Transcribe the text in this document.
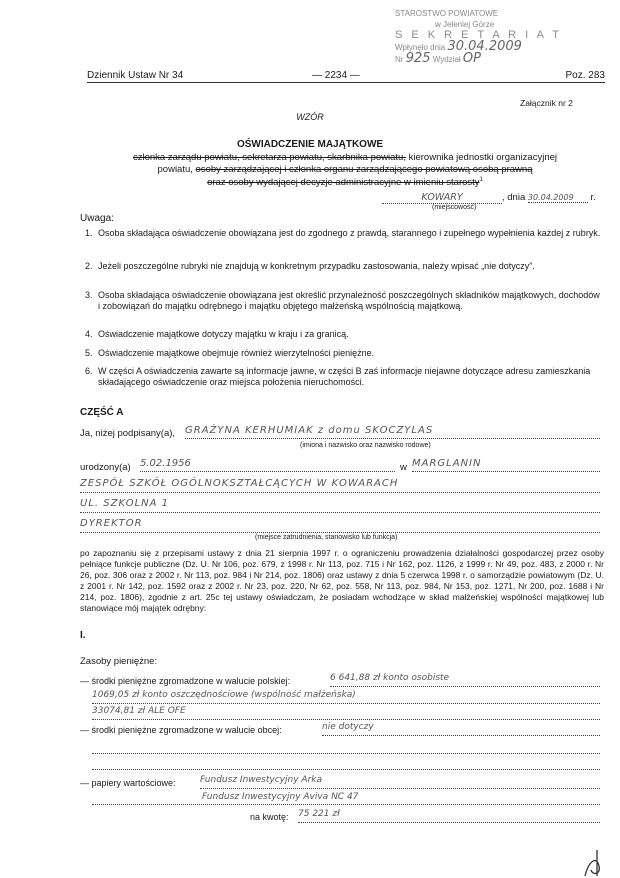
STAROSTWO POWIATOWE
w Jeleniej Górze
S E K R E T A R I A T
Wpłynęło dnia 30.04.2009
Nr 925 Wydział OP
Dziennik Ustaw Nr 34	— 2234 —	Poz. 283
Załącznik nr 2
WZÓR
OŚWIADCZENIE MAJĄTKOWE
członka zarządu powiatu, sekretarza powiatu, skarbnika powiatu, kierownika jednostki organizacyjnej
powiatu, osoby zarządzającej i członka organu zarządzającego powiatową osobą prawną
oraz osoby wydającej decyzje administracyjne w imieniu starosty$^1$
KOWARY	, dnia 30.04.2009 r.
(miejscowość)
Uwaga:
1. Osoba składająca oświadczenie obowiązana jest do zgodnego z prawdą, starannego i zupełnego wypełnienia każdej z rubryk.
2. Jeżeli poszczególne rubryki nie znajdują w konkretnym przypadku zastosowania, należy wpisać „nie dotyczy”.
3. Osoba składająca oświadczenie obowiązana jest określić przynależność poszczególnych składników majątkowych, dochodów i zobowiązań do majątku odrębnego i majątku objętego małżeńską wspólnością majątkową.
4. Oświadczenie majątkowe dotyczy majątku w kraju i za granicą.
5. Oświadczenie majątkowe obejmuje również wierzytelności pieniężne.
6. W części A oświadczenia zawarte są informacje jawne, w części B zaś informacje niejawne dotyczące adresu zamieszkania składającego oświadczenie oraz miejsca położenia nieruchomości.
CZĘŚĆ A
Ja, niżej podpisany(a), GRAŻYNA KERHUMIAK z domu SKOCZYLAS
(imiona i nazwisko oraz nazwisko rodowe)
urodzony(a) 5.02.1956	w MARGLANIN
ZESPÓŁ SZKÓŁ OGÓLNOKSZTAŁCĄCYCH W KOWARACH
UL. SZKOLNA 1
DYREKTOR
(miejsce zatrudnienia, stanowisko lub funkcja)
po zapoznaniu się z przepisami ustawy z dnia 21 sierpnia 1997 r. o ograniczeniu prowadzenia działalności gospodarczej przez osoby pełniące funkcje publiczne (Dz. U. Nr 106, poz. 679, z 1998 r. Nr 113, poz. 715 i Nr 162, poz. 1126, z 1999 r. Nr 49, poz. 483, z 2000 r. Nr 26, poz. 306 oraz z 2002 r. Nr 113, poz. 984 i Nr 214, poz. 1806) oraz ustawy z dnia 5 czerwca 1998 r. o samorządzie powiatowym (Dz. U. z 2001 r. Nr 142, poz. 1592 oraz z 2002 r. Nr 23, poz. 220, Nr 62, poz. 558, Nr 113, poz. 984, Nr 153, poz. 1271, Nr 200, poz. 1688 i Nr 214, poz. 1806), zgodnie z art. 25c tej ustawy oświadczam, że posiadam wchodzące w skład małżeńskiej wspólności majątkowej lub stanowiące mój majątek odrębny:
I.
Zasoby pieniężne:
— środki pieniężne zgromadzone w walucie polskiej:	6 641,88 zł konto osobiste
1069,05 zł konto oszczędnościowe (wspólność małżeńska)
33074,81 zł ALE OFE
— środki pieniężne zgromadzone w walucie obcej:	nie dotyczy
— papiery wartościowe:	Fundusz Inwestycyjny Arka
Fundusz Inwestycyjny Aviva NC 47
na kwotę: 75 221 zł
